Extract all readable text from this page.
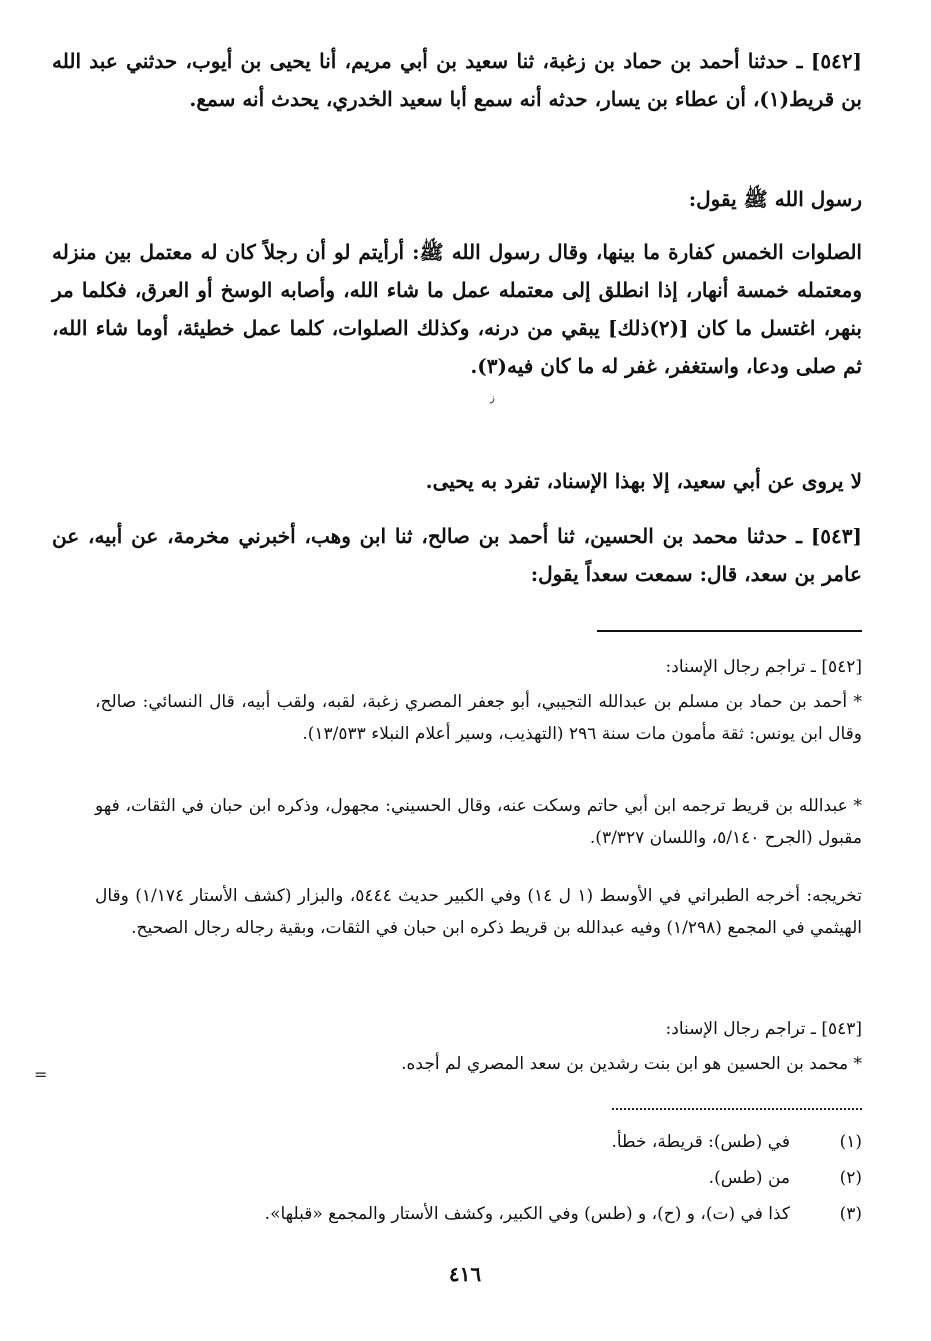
[٥٤٢] ـ حدثنا أحمد بن حماد بن زغبة، ثنا سعيد بن أبي مريم، أنا يحيى بن أيوب، حدثني عبد الله بن قريط(١)، أن عطاء بن يسار، حدثه أنه سمع أبا سعيد الخدري، يحدث أنه سمع.
رسول الله ﷺ يقول:
الصلوات الخمس كفارة ما بينها، وقال رسول الله ﷺ: أرأيتم لو أن رجلاً كان له معتمل بين منزله ومعتمله خمسة أنهار، إذا انطلق إلى معتمله عمل ما شاء الله، وأصابه الوسخ أو العرق، فكلما مر بنهر، اغتسل ما كان [(٢)ذلك] يبقي من درنه، وكذلك الصلوات، كلما عمل خطيئة، أوما شاء الله، ثم صلى ودعا، واستغفر، غفر له ما كان فيه(٣).
لا يروى عن أبي سعيد، إلا بهذا الإسناد، تفرد به يحيى.
[٥٤٣] ـ حدثنا محمد بن الحسين، ثنا أحمد بن صالح، ثنا ابن وهب، أخبرني مخرمة، عن أبيه، عن عامر بن سعد، قال: سمعت سعداً يقول:
[٥٤٢] ـ تراجم رجال الإسناد:
* أحمد بن حماد بن مسلم بن عبدالله التجيبي، أبو جعفر المصري زغبة، لقبه، ولقب أبيه، قال النسائي: صالح، وقال ابن يونس: ثقة مأمون مات سنة ٢٩٦ (التهذيب، وسير أعلام النبلاء ١٣/٥٣٣).
* عبدالله بن قريط ترجمه ابن أبي حاتم وسكت عنه، وقال الحسيني: مجهول، وذكره ابن حبان في الثقات، فهو مقبول (الجرح ٥/١٤٠، واللسان ٣/٣٢٧).
تخريجه: أخرجه الطبراني في الأوسط (١ ل ١٤) وفي الكبير حديث ٥٤٤٤، والبزار (كشف الأستار ١/١٧٤) وقال الهيثمي في المجمع (١/٢٩٨) وفيه عبدالله بن قريط ذكره ابن حبان في الثقات، وبقية رجاله رجال الصحيح.
[٥٤٣] ـ تراجم رجال الإسناد:
* محمد بن الحسين هو ابن بنت رشدين بن سعد المصري لم أجده.
(١)
في (طس): قريطة، خطأ.
(٢)
من (طس).
(٣)
كذا في (ت)، و (ح)، و (طس) وفي الكبير، وكشف الأستار والمجمع «قبلها».
٤١٦
=
ز
